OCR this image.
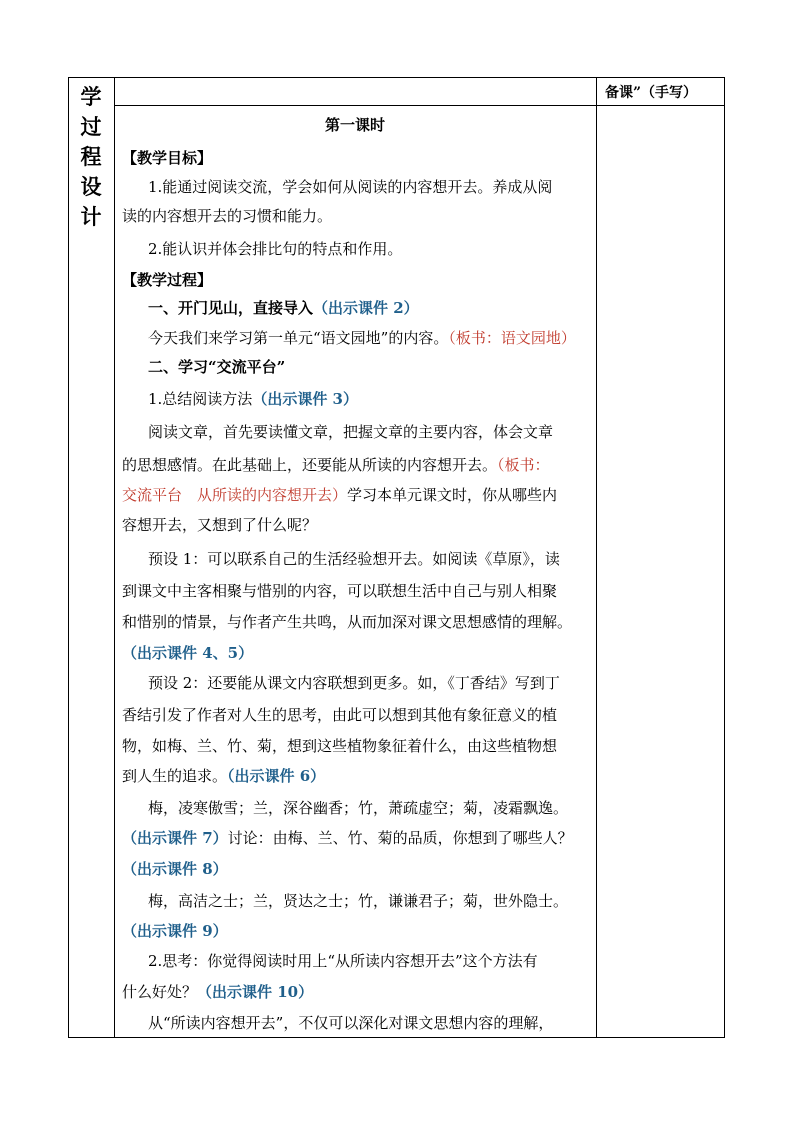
学
过
程
设
计
备课”（手写）
第一课时
【教学目标】
1.能通过阅读交流，学会如何从阅读的内容想开去。养成从阅
读的内容想开去的习惯和能力。
2.能认识并体会排比句的特点和作用。
【教学过程】
一、开门见山，直接导入（出示课件 2）
今天我们来学习第一单元“语文园地”的内容。（板书：语文园地）
二、学习“交流平台”
1.总结阅读方法（出示课件 3）
阅读文章，首先要读懂文章，把握文章的主要内容，体会文章
的思想感情。在此基础上，还要能从所读的内容想开去。（板书：
交流平台　从所读的内容想开去）学习本单元课文时，你从哪些内
容想开去，又想到了什么呢？
预设 1：可以联系自己的生活经验想开去。如阅读《草原》，读
到课文中主客相聚与惜别的内容，可以联想生活中自己与别人相聚
和惜别的情景，与作者产生共鸣，从而加深对课文思想感情的理解。
（出示课件 4、5）
预设 2：还要能从课文内容联想到更多。如，《丁香结》写到丁
香结引发了作者对人生的思考，由此可以想到其他有象征意义的植
物，如梅、兰、竹、菊，想到这些植物象征着什么，由这些植物想
到人生的追求。（出示课件 6）
梅，凌寒傲雪；兰，深谷幽香；竹，萧疏虚空；菊，凌霜飘逸。
（出示课件 7）讨论：由梅、兰、竹、菊的品质，你想到了哪些人？
（出示课件 8）
梅，高洁之士；兰，贤达之士；竹，谦谦君子；菊，世外隐士。
（出示课件 9）
2.思考：你觉得阅读时用上“从所读内容想开去”这个方法有
什么好处？（出示课件 10）
从“所读内容想开去”，不仅可以深化对课文思想内容的理解，
